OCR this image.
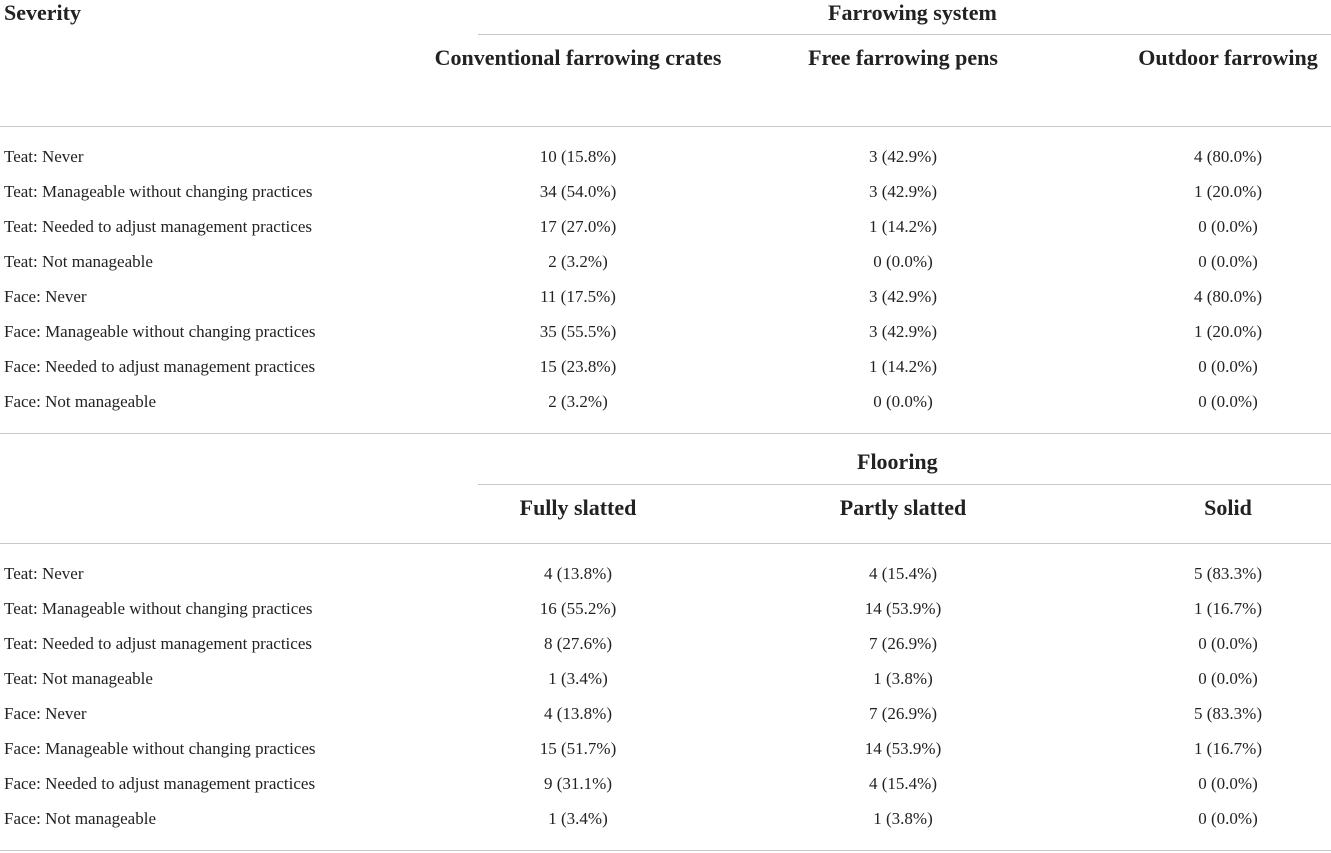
Severity	Farrowing system
Conventional farrowing crates	Free farrowing pens	Outdoor farrowing
Teat: Never	10 (15.8%)	3 (42.9%)	4 (80.0%)
Teat: Manageable without changing practices	34 (54.0%)	3 (42.9%)	1 (20.0%)
Teat: Needed to adjust management practices	17 (27.0%)	1 (14.2%)	0 (0.0%)
Teat: Not manageable	2 (3.2%)	0 (0.0%)	0 (0.0%)
Face: Never	11 (17.5%)	3 (42.9%)	4 (80.0%)
Face: Manageable without changing practices	35 (55.5%)	3 (42.9%)	1 (20.0%)
Face: Needed to adjust management practices	15 (23.8%)	1 (14.2%)	0 (0.0%)
Face: Not manageable	2 (3.2%)	0 (0.0%)	0 (0.0%)
Flooring
Fully slatted	Partly slatted	Solid
Teat: Never	4 (13.8%)	4 (15.4%)	5 (83.3%)
Teat: Manageable without changing practices	16 (55.2%)	14 (53.9%)	1 (16.7%)
Teat: Needed to adjust management practices	8 (27.6%)	7 (26.9%)	0 (0.0%)
Teat: Not manageable	1 (3.4%)	1 (3.8%)	0 (0.0%)
Face: Never	4 (13.8%)	7 (26.9%)	5 (83.3%)
Face: Manageable without changing practices	15 (51.7%)	14 (53.9%)	1 (16.7%)
Face: Needed to adjust management practices	9 (31.1%)	4 (15.4%)	0 (0.0%)
Face: Not manageable	1 (3.4%)	1 (3.8%)	0 (0.0%)
